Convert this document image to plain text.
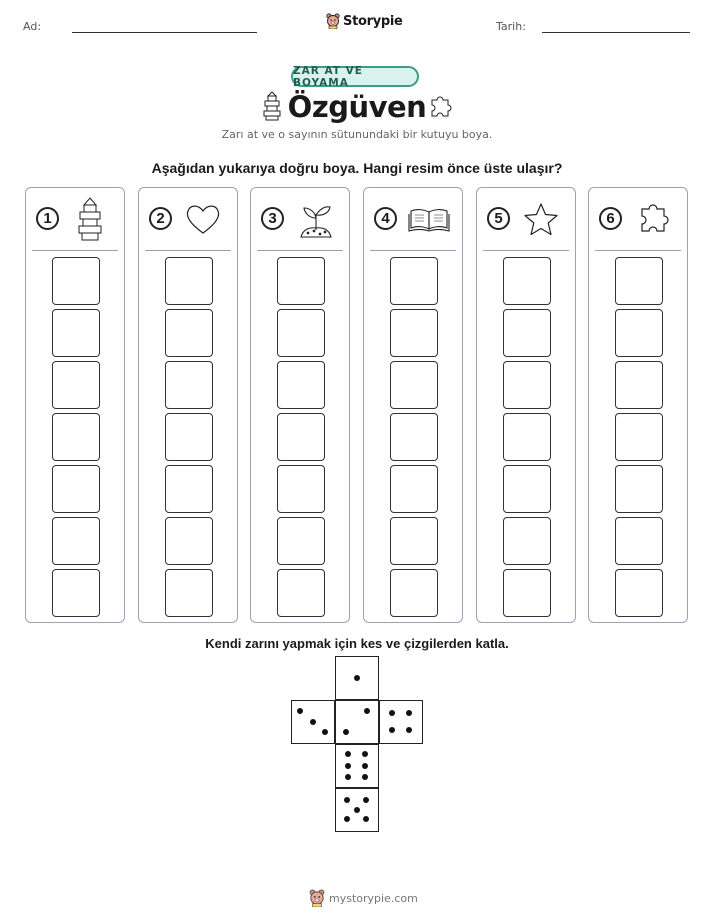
Ad:	Storypie	Tarih:
ZAR AT VE BOYAMA
Özgüven
Zarı at ve o sayının sütunundaki bir kutuyu boya.
Aşağıdan yukarıya doğru boya. Hangi resim önce üste ulaşır?
1	2	3	4	5	6
Kendi zarını yapmak için kes ve çizgilerden katla.
mystorypie.com
